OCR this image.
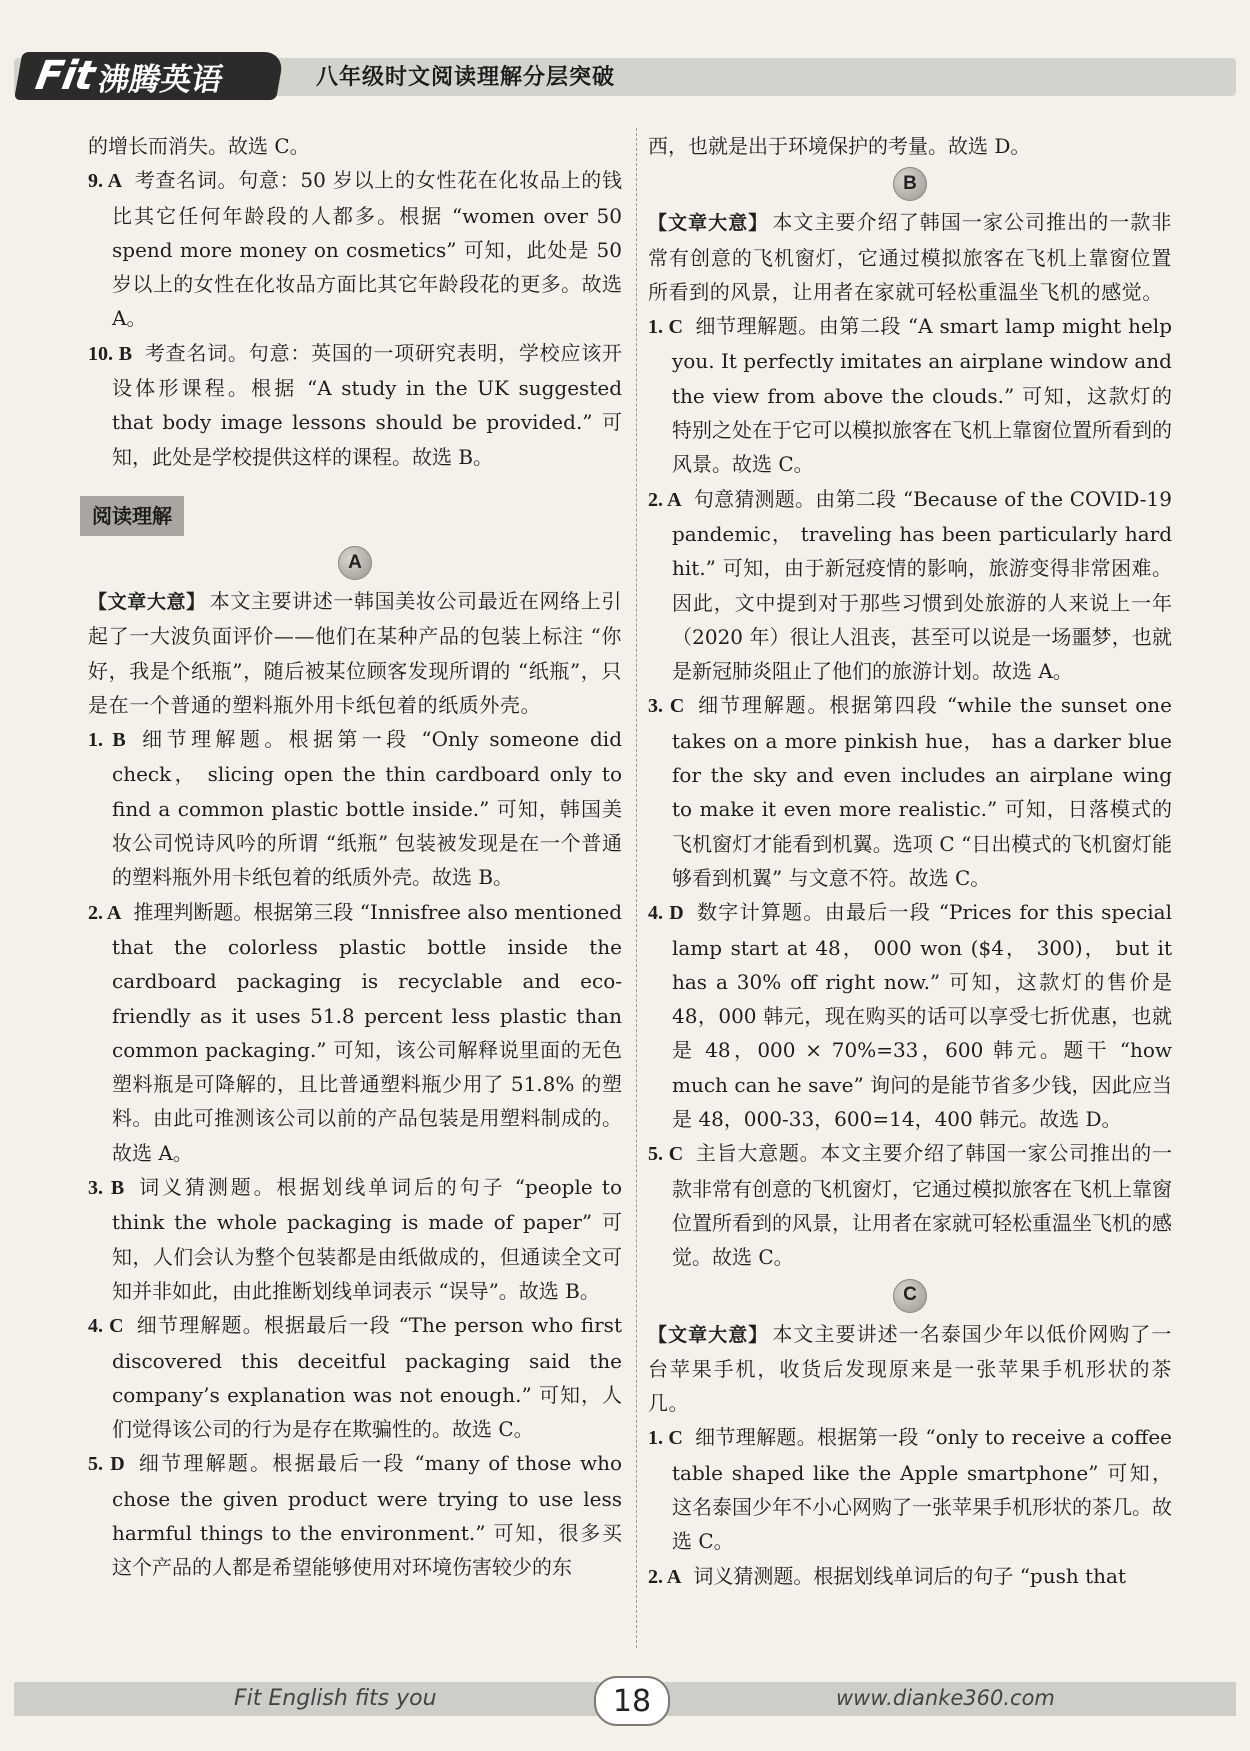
Fit
沸腾英语	八年级时文阅读理解分层突破

的增长而消失。故选 C。

9. A 考查名词。句意：50 岁以上的女性花在化妆品上的钱比其它任何年龄段的人都多。根据 “women over 50 spend more money on cosmetics” 可知，此处是 50 岁以上的女性在化妆品方面比其它年龄段花的更多。故选 A。

10. B 考查名词。句意：英国的一项研究表明，学校应该开设体形课程。根据 “A study in the UK suggested that body image lessons should be provided.” 可知，此处是学校提供这样的课程。故选 B。

阅读理解
A

【文章大意】 本文主要讲述一韩国美妆公司最近在网络上引起了一大波负面评价——他们在某种产品的包装上标注 “你好，我是个纸瓶”，随后被某位顾客发现所谓的 “纸瓶”，只是在一个普通的塑料瓶外用卡纸包着的纸质外壳。

1. B 细节理解题。根据第一段 “Only someone did check， slicing open the thin cardboard only to find a common plastic bottle inside.” 可知，韩国美妆公司悦诗风吟的所谓 “纸瓶” 包装被发现是在一个普通的塑料瓶外用卡纸包着的纸质外壳。故选 B。

2. A 推理判断题。根据第三段 “Innisfree also mentioned that the colorless plastic bottle inside the cardboard packaging is recyclable and eco-friendly as it uses 51.8 percent less plastic than common packaging.” 可知，该公司解释说里面的无色塑料瓶是可降解的，且比普通塑料瓶少用了 51.8% 的塑料。由此可推测该公司以前的产品包装是用塑料制成的。故选 A。

3. B 词义猜测题。根据划线单词后的句子 “people to think the whole packaging is made of paper” 可知，人们会认为整个包装都是由纸做成的，但通读全文可知并非如此，由此推断划线单词表示 “误导”。故选 B。

4. C 细节理解题。根据最后一段 “The person who first discovered this deceitful packaging said the company’s explanation was not enough.” 可知，人们觉得该公司的行为是存在欺骗性的。故选 C。

5. D 细节理解题。根据最后一段 “many of those who chose the given product were trying to use less harmful things to the environment.” 可知，很多买这个产品的人都是希望能够使用对环境伤害较少的东

西，也就是出于环境保护的考量。故选 D。

B

【文章大意】 本文主要介绍了韩国一家公司推出的一款非常有创意的飞机窗灯，它通过模拟旅客在飞机上靠窗位置所看到的风景，让用者在家就可轻松重温坐飞机的感觉。

1. C 细节理解题。由第二段 “A smart lamp might help you. It perfectly imitates an airplane window and the view from above the clouds.” 可知，这款灯的特别之处在于它可以模拟旅客在飞机上靠窗位置所看到的风景。故选 C。

2. A 句意猜测题。由第二段 “Because of the COVID-19 pandemic， traveling has been particularly hard hit.” 可知，由于新冠疫情的影响，旅游变得非常困难。因此，文中提到对于那些习惯到处旅游的人来说上一年（2020 年）很让人沮丧，甚至可以说是一场噩梦，也就是新冠肺炎阻止了他们的旅游计划。故选 A。

3. C 细节理解题。根据第四段 “while the sunset one takes on a more pinkish hue， has a darker blue for the sky and even includes an airplane wing to make it even more realistic.” 可知，日落模式的飞机窗灯才能看到机翼。选项 C “日出模式的飞机窗灯能够看到机翼” 与文意不符。故选 C。

4. D 数字计算题。由最后一段 “Prices for this special lamp start at 48， 000 won ($4， 300)， but it has a 30% off right now.” 可知，这款灯的售价是 48，000 韩元，现在购买的话可以享受七折优惠，也就是 48，000 × 70%=33，600 韩元。题干 “how much can he save” 询问的是能节省多少钱，因此应当是 48，000-33，600=14，400 韩元。故选 D。

5. C 主旨大意题。本文主要介绍了韩国一家公司推出的一款非常有创意的飞机窗灯，它通过模拟旅客在飞机上靠窗位置所看到的风景，让用者在家就可轻松重温坐飞机的感觉。故选 C。

C

【文章大意】 本文主要讲述一名泰国少年以低价网购了一台苹果手机，收货后发现原来是一张苹果手机形状的茶几。

1. C 细节理解题。根据第一段 “only to receive a coffee table shaped like the Apple smartphone” 可知，这名泰国少年不小心网购了一张苹果手机形状的茶几。故选 C。

2. A 词义猜测题。根据划线单词后的句子 “push that

Fit English fits you	18	www.dianke360.com
